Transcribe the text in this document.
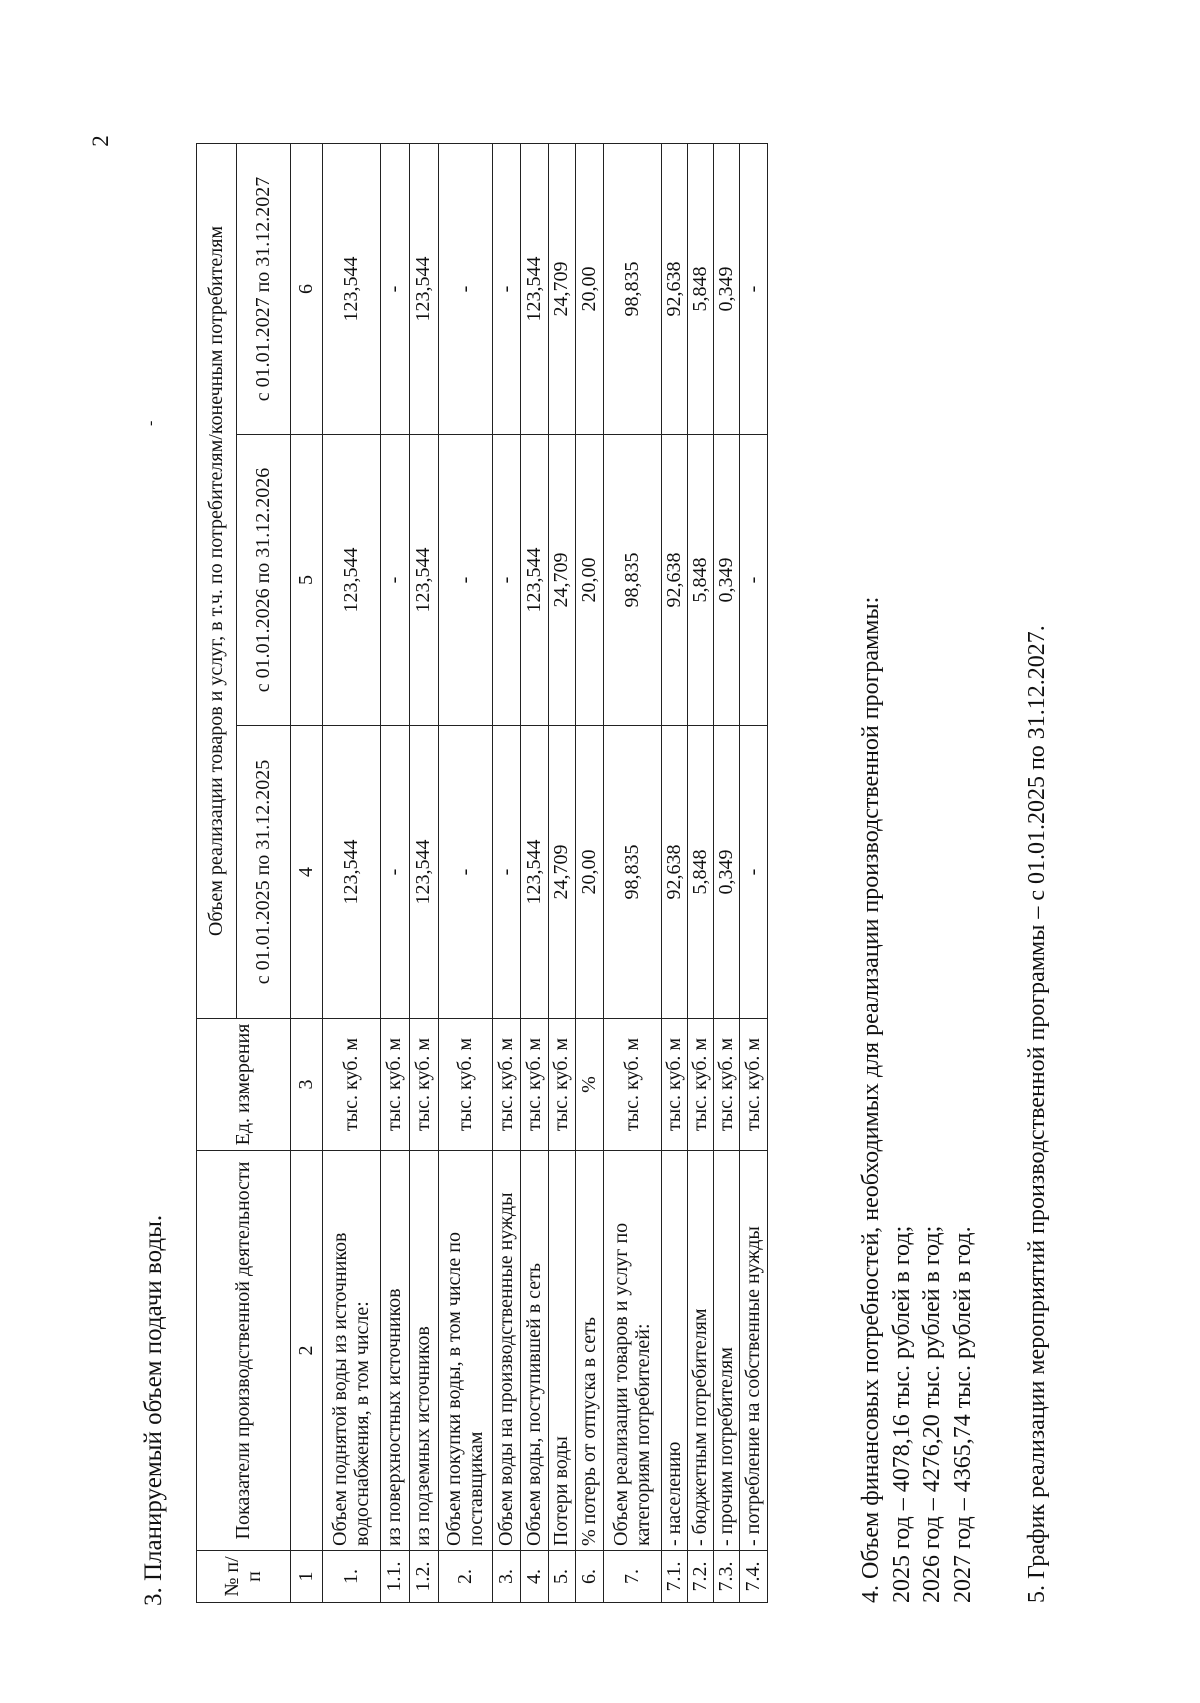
2
3. Планируемый объем подачи воды.
-
№ п/п	Показатели производственной деятельности	Ед. измерения	Объем реализации товаров и услуг, в т.ч. по потребителям/конечным потребителям		
			с 01.01.2025 по 31.12.2025	с 01.01.2026 по 31.12.2026	с 01.01.2027 по 31.12.2027
1	2	3	4	5	6
1.	Объем поднятой воды из источников водоснабжения, в том числе:	тыс. куб. м	123,544	123,544	123,544
1.1.	из поверхностных источников	тыс. куб. м	-	-	-
1.2.	из подземных источников	тыс. куб. м	123,544	123,544	123,544
2.	Объем покупки воды, в том числе по поставщикам	тыс. куб. м	-	-	-
3.	Объем воды на производственные нужды	тыс. куб. м	-	-	-
4.	Объем воды, поступившей в сеть	тыс. куб. м	123,544	123,544	123,544
5.	Потери воды	тыс. куб. м	24,709	24,709	24,709
6.	% потерь от отпуска в сеть	%	20,00	20,00	20,00
7.	Объем реализации товаров и услуг по категориям потребителей:	тыс. куб. м	98,835	98,835	98,835
7.1.	- населению	тыс. куб. м	92,638	92,638	92,638
7.2.	- бюджетным потребителям	тыс. куб. м	5,848	5,848	5,848
7.3.	- прочим потребителям	тыс. куб. м	0,349	0,349	0,349
7.4.	- потребление на собственные нужды	тыс. куб. м	-	-	-
4. Объем финансовых потребностей, необходимых для реализации производственной программы: 2025 год – 4078,16 тыс. рублей в год; 2026 год – 4276,20 тыс. рублей в год; 2027 год – 4365,74 тыс. рублей в год. 5. График реализации мероприятий производственной программы – с 01.01.2025 по 31.12.2027.
